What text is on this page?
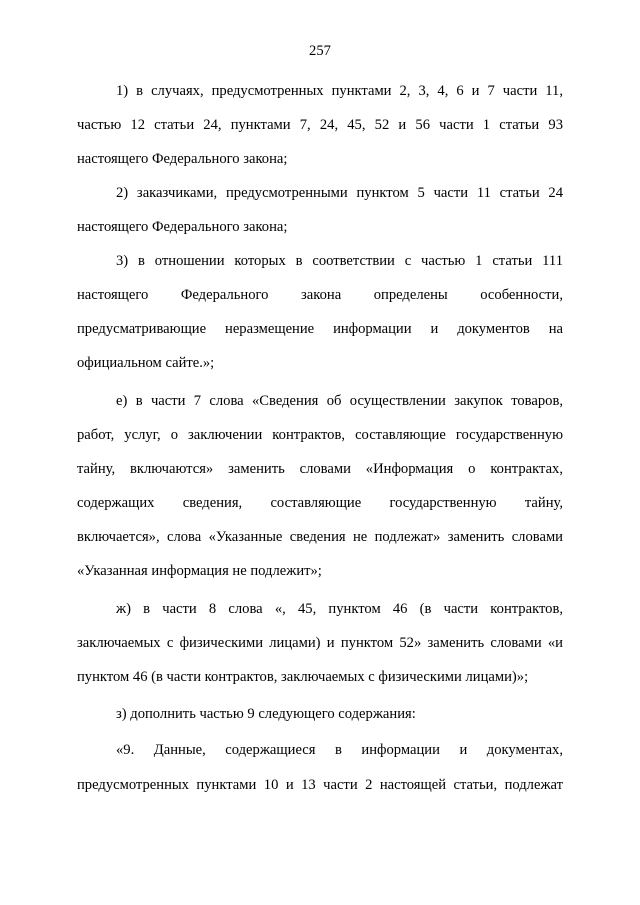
257
1) в случаях, предусмотренных пунктами 2, 3, 4, 6 и 7 части 11,
частью 12 статьи 24, пунктами 7, 24, 45, 52 и 56 части 1 статьи 93
настоящего Федерального закона;
2) заказчиками, предусмотренными пунктом 5 части 11 статьи 24
настоящего Федерального закона;
3) в отношении которых в соответствии с частью 1 статьи 111
настоящего Федерального закона определены особенности,
предусматривающие неразмещение информации и документов на
официальном сайте.»;
е) в части 7 слова «Сведения об осуществлении закупок товаров,
работ, услуг, о заключении контрактов, составляющие государственную
тайну, включаются» заменить словами «Информация о контрактах,
содержащих сведения, составляющие государственную тайну,
включается», слова «Указанные сведения не подлежат» заменить словами
«Указанная информация не подлежит»;
ж) в части 8 слова «, 45, пунктом 46 (в части контрактов,
заключаемых с физическими лицами) и пунктом 52» заменить словами «и
пунктом 46 (в части контрактов, заключаемых с физическими лицами)»;
з) дополнить частью 9 следующего содержания:
«9. Данные, содержащиеся в информации и документах,
предусмотренных пунктами 10 и 13 части 2 настоящей статьи, подлежат
